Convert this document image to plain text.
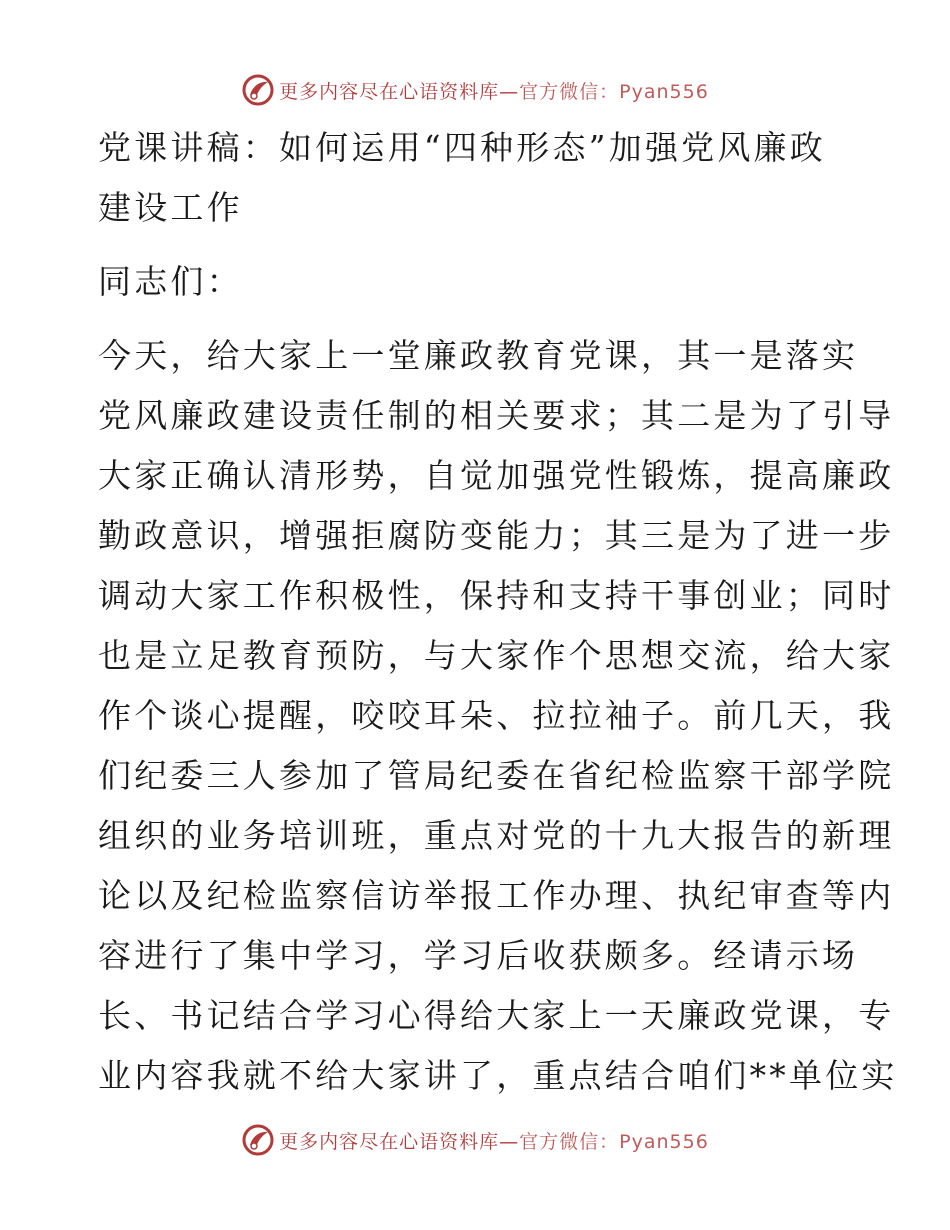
更多内容尽在心语资料库—官方微信：Pyan556
党课讲稿：如何运用“四种形态”加强党风廉政
建设工作

同志们：

今天，给大家上一堂廉政教育党课，其一是落实
党风廉政建设责任制的相关要求；其二是为了引导
大家正确认清形势，自觉加强党性锻炼，提高廉政
勤政意识，增强拒腐防变能力；其三是为了进一步
调动大家工作积极性，保持和支持干事创业；同时
也是立足教育预防，与大家作个思想交流，给大家
作个谈心提醒，咬咬耳朵、拉拉袖子。前几天，我
们纪委三人参加了管局纪委在省纪检监察干部学院
组织的业务培训班，重点对党的十九大报告的新理
论以及纪检监察信访举报工作办理、执纪审查等内
容进行了集中学习，学习后收获颇多。经请示场
长、书记结合学习心得给大家上一天廉政党课，专
业内容我就不给大家讲了，重点结合咱们**单位实
更多内容尽在心语资料库—官方微信：Pyan556
